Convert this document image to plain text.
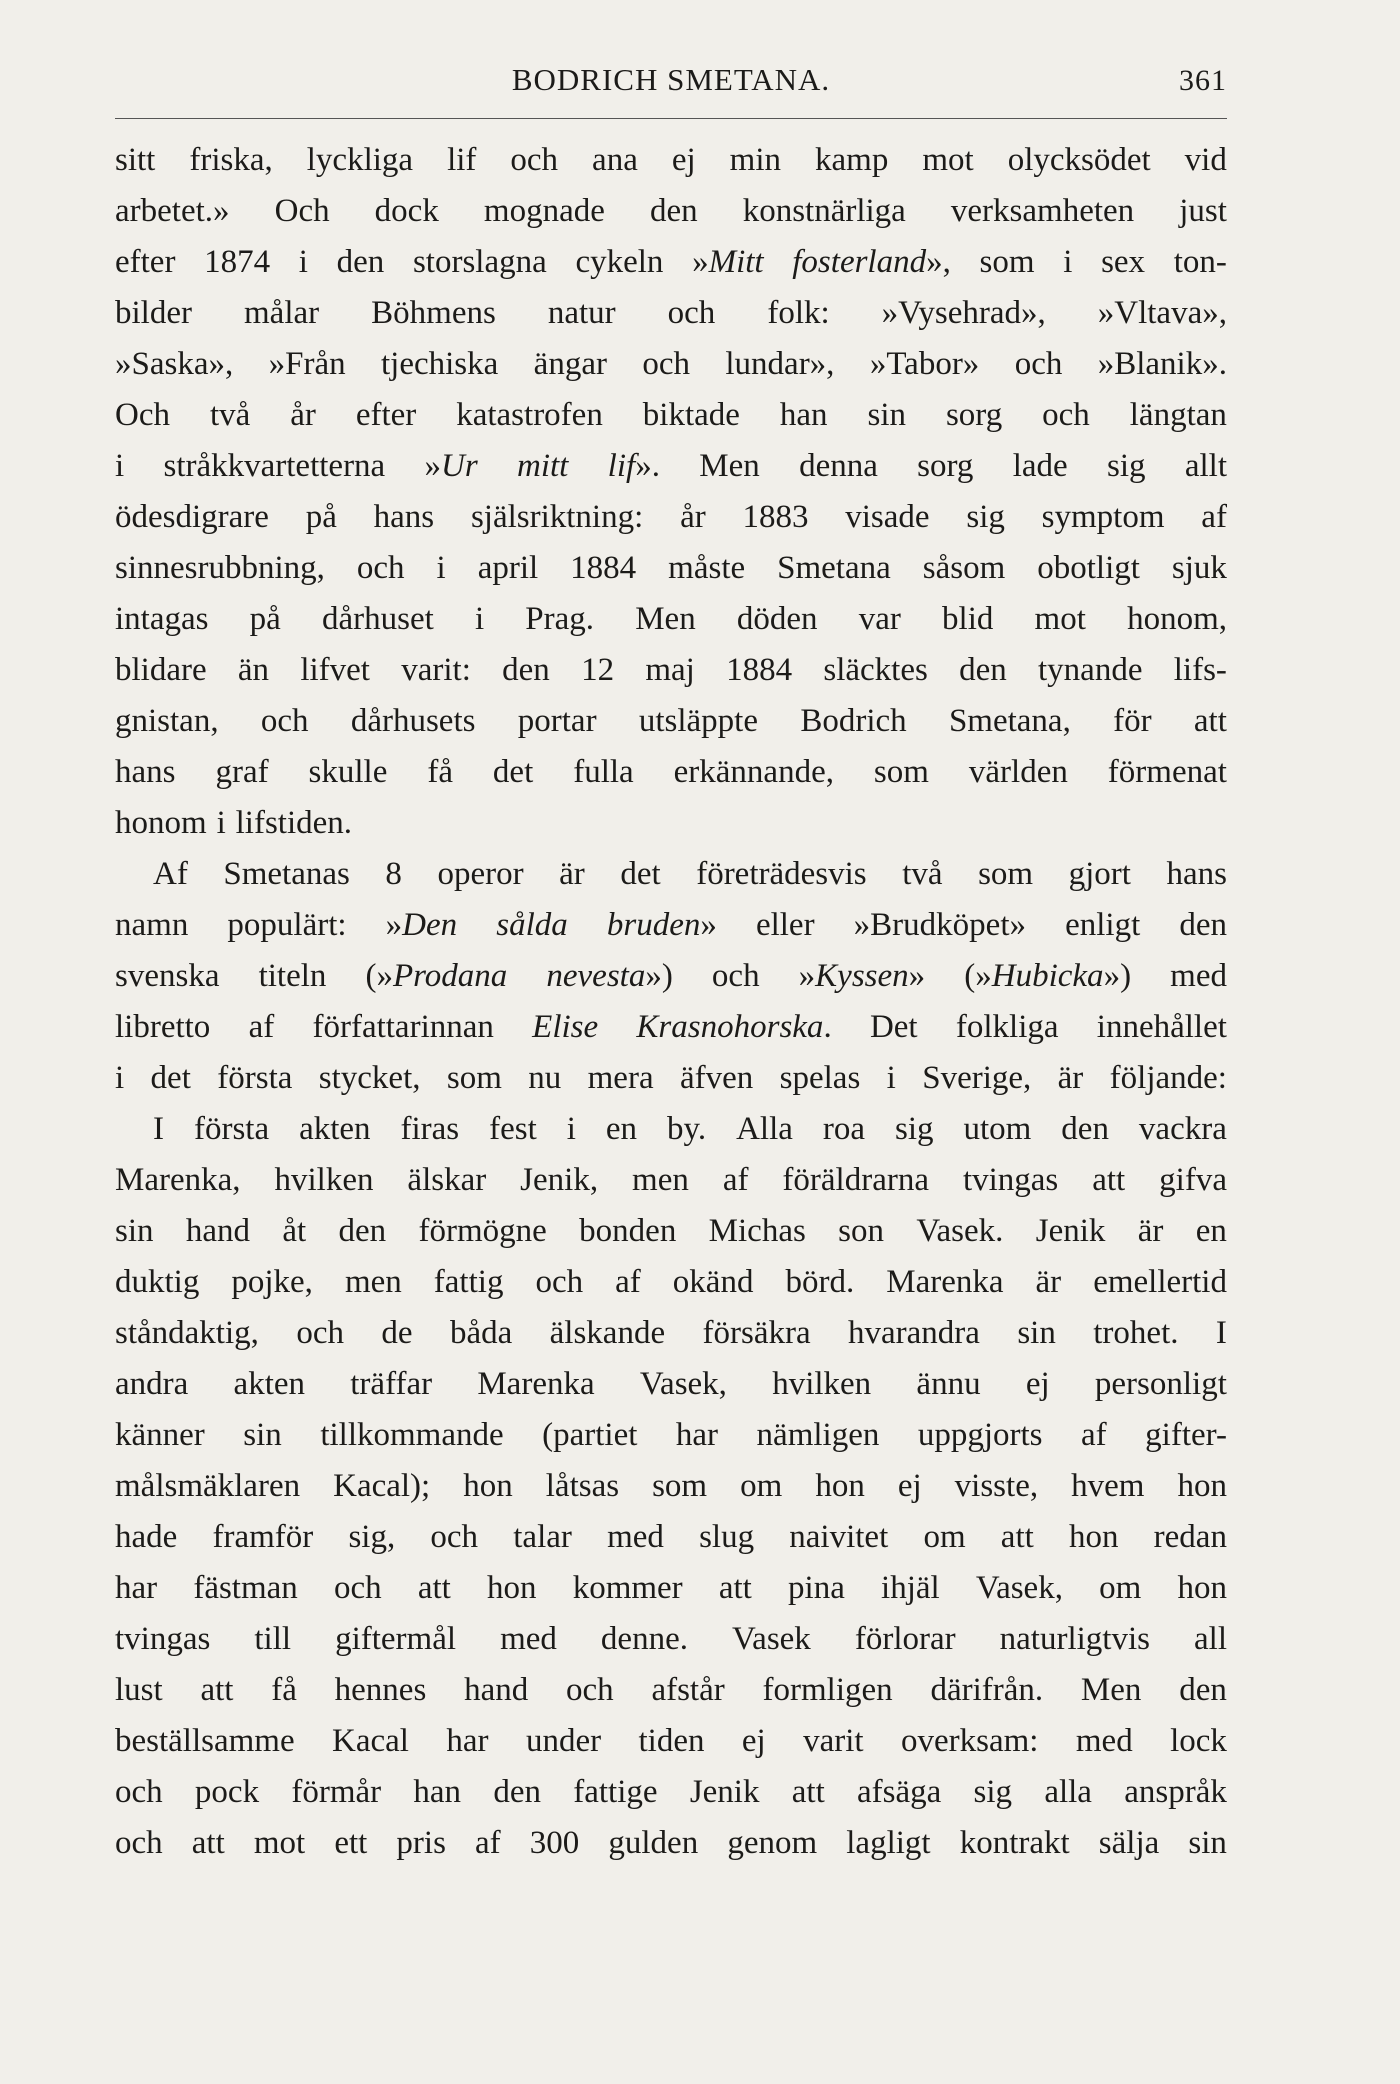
BODRICH SMETANA.	361
sitt friska, lyckliga lif och ana ej min kamp mot olycksödet vid
arbetet.» Och dock mognade den konstnärliga verksamheten just
efter 1874 i den storslagna cykeln »Mitt fosterland», som i sex ton-
bilder målar Böhmens natur och folk: »Vysehrad», »Vltava»,
»Saska», »Från tjechiska ängar och lundar», »Tabor» och »Blanik».
Och två år efter katastrofen biktade han sin sorg och längtan
i stråkkvartetterna »Ur mitt lif». Men denna sorg lade sig allt
ödesdigrare på hans själsriktning: år 1883 visade sig symptom af
sinnesrubbning, och i april 1884 måste Smetana såsom obotligt sjuk
intagas på dårhuset i Prag. Men döden var blid mot honom,
blidare än lifvet varit: den 12 maj 1884 släcktes den tynande lifs-
gnistan, och dårhusets portar utsläppte Bodrich Smetana, för att
hans graf skulle få det fulla erkännande, som världen förmenat
honom i lifstiden.
Af Smetanas 8 operor är det företrädesvis två som gjort hans
namn populärt: »Den sålda bruden» eller »Brudköpet» enligt den
svenska titeln (»Prodana nevesta») och »Kyssen» (»Hubicka») med
libretto af författarinnan Elise Krasnohorska. Det folkliga innehållet
i det första stycket, som nu mera äfven spelas i Sverige, är följande:
I första akten firas fest i en by. Alla roa sig utom den vackra
Marenka, hvilken älskar Jenik, men af föräldrarna tvingas att gifva
sin hand åt den förmögne bonden Michas son Vasek. Jenik är en
duktig pojke, men fattig och af okänd börd. Marenka är emellertid
ståndaktig, och de båda älskande försäkra hvarandra sin trohet. I
andra akten träffar Marenka Vasek, hvilken ännu ej personligt
känner sin tillkommande (partiet har nämligen uppgjorts af gifter-
målsmäklaren Kacal); hon låtsas som om hon ej visste, hvem hon
hade framför sig, och talar med slug naivitet om att hon redan
har fästman och att hon kommer att pina ihjäl Vasek, om hon
tvingas till giftermål med denne. Vasek förlorar naturligtvis all
lust att få hennes hand och afstår formligen därifrån. Men den
beställsamme Kacal har under tiden ej varit overksam: med lock
och pock förmår han den fattige Jenik att afsäga sig alla anspråk
och att mot ett pris af 300 gulden genom lagligt kontrakt sälja sin
